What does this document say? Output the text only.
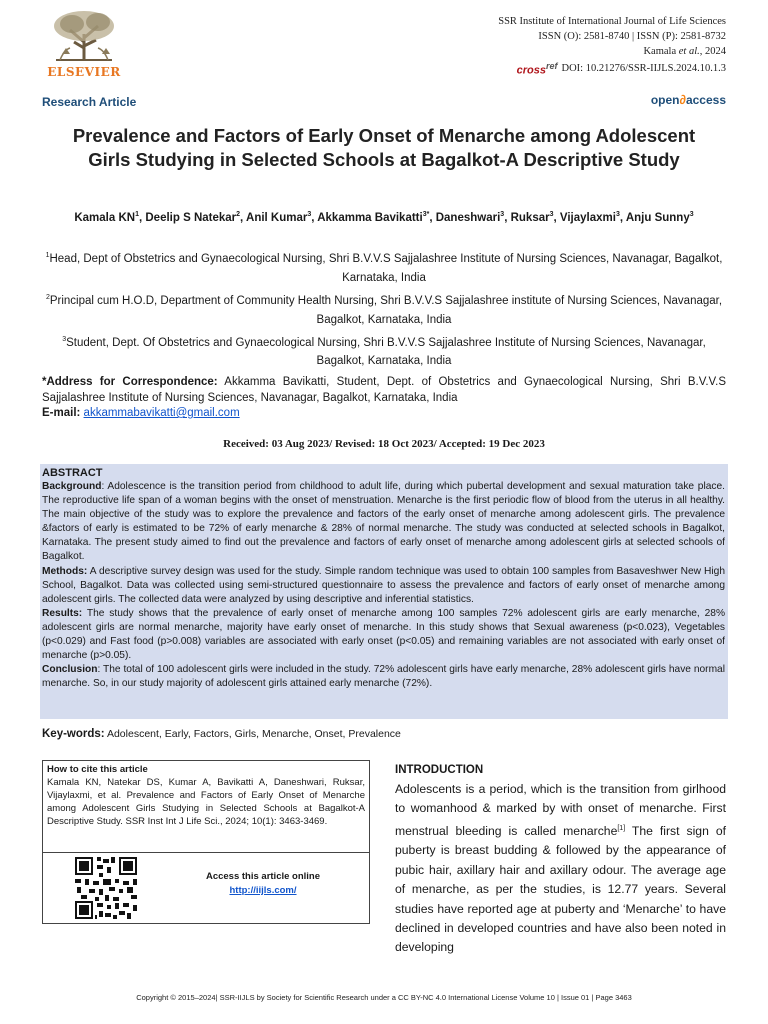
ELSEVIER
SSR Institute of International Journal of Life Sciences
ISSN (O): 2581-8740 | ISSN (P): 2581-8732
Kamala et al., 2024
cross$^{ref}$ DOI: 10.21276/SSR-IIJLS.2024.10.1.3
Research Article	open∂access
Prevalence and Factors of Early Onset of Menarche among Adolescent Girls Studying in Selected Schools at Bagalkot-A Descriptive Study
Kamala $KN^1$, Deelip S Natekar$^2$, Anil Kumar$^3$, Akkamma Bavikatti$^{3*}$, Daneshwari$^3$, Ruksar$^3$, Vijaylaxmi$^3$, Anju Sunny$^3$
$^1$Head, Dept of Obstetrics and Gynaecological Nursing, Shri B.V.V.S Sajjalashree Institute of Nursing Sciences, Navanagar, Bagalkot, Karnataka, India
$^2$Principal cum H.O.D, Department of Community Health Nursing, Shri B.V.V.S Sajjalashree institute of Nursing Sciences, Navanagar, Bagalkot, Karnataka, India
$^3$Student, Dept. Of Obstetrics and Gynaecological Nursing, Shri B.V.V.S Sajjalashree Institute of Nursing Sciences, Navanagar, Bagalkot, Karnataka, India
*Address for Correspondence: Akkamma Bavikatti, Student, Dept. of Obstetrics and Gynaecological Nursing, Shri B.V.V.S Sajjalashree Institute of Nursing Sciences, Navanagar, Bagalkot, Karnataka, India
E-mail: akkammabavikatti@gmail.com
Received: 03 Aug 2023/ Revised: 18 Oct 2023/ Accepted: 19 Dec 2023
ABSTRACT
Background: Adolescence is the transition period from childhood to adult life, during which pubertal development and sexual maturation take place. The reproductive life span of a woman begins with the onset of menstruation. Menarche is the first periodic flow of blood from the uterus in all healthy. The main objective of the study was to explore the prevalence and factors of the early onset of menarche among adolescent girls. The prevalence &factors of early is estimated to be 72% of early menarche & 28% of normal menarche. The study was conducted at selected schools in Bagalkot, Karnataka. The present study aimed to find out the prevalence and factors of early onset of menarche among adolescent girls at selected schools of Bagalkot.
Methods: A descriptive survey design was used for the study. Simple random technique was used to obtain 100 samples from Basaveshwer New High School, Bagalkot. Data was collected using semi-structured questionnaire to assess the prevalence and factors of early onset of menarche among adolescent girls. The collected data were analyzed by using descriptive and inferential statistics.
Results: The study shows that the prevalence of early onset of menarche among 100 samples 72% adolescent girls are early menarche, 28% adolescent girls are normal menarche, majority have early onset of menarche. In this study shows that Sexual awareness (p<0.023), Vegetables (p<0.029) and Fast food (p>0.008) variables are associated with early onset (p<0.05) and remaining variables are not associated with early onset of menarche (p>0.05).
Conclusion: The total of 100 adolescent girls were included in the study. 72% adolescent girls have early menarche, 28% adolescent girls have normal menarche. So, in our study majority of adolescent girls attained early menarche (72%).
Key-words: Adolescent, Early, Factors, Girls, Menarche, Onset, Prevalence
How to cite this article
Kamala KN, Natekar DS, Kumar A, Bavikatti A, Daneshwari, Ruksar, Vijaylaxmi, et al. Prevalence and Factors of Early Onset of Menarche among Adolescent Girls Studying in Selected Schools at Bagalkot-A Descriptive Study. SSR Inst Int J Life Sci., 2024; 10(1): 3463-3469.
Access this article online
http://iijls.com/
INTRODUCTION

Adolescents is a period, which is the transition from girlhood to womanhood & marked by with onset of menarche. First menstrual bleeding is called menarche[1] The first sign of puberty is breast budding & followed by the appearance of pubic hair, axillary hair and axillary odour. The average age of menarche, as per the studies, is 12.77 years. Several studies have reported age at puberty and ‘Menarche’ to have declined in developed countries and have also been noted in developing

Copyright © 2015–2024| SSR-IIJLS by Society for Scientific Research under a CC BY-NC 4.0 International License Volume 10 | Issue 01 | Page 3463
